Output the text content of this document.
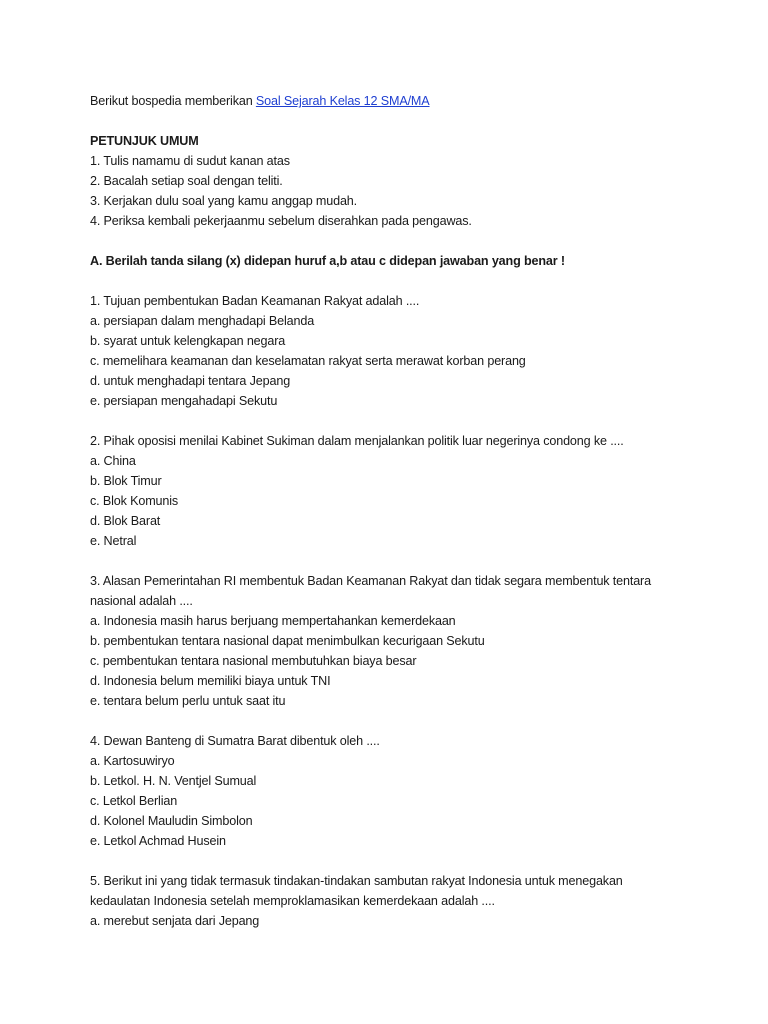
Berikut bospedia memberikan Soal Sejarah Kelas 12 SMA/MA
PETUNJUK UMUM
1. Tulis namamu di sudut kanan atas
2. Bacalah setiap soal dengan teliti.
3. Kerjakan dulu soal yang kamu anggap mudah.
4. Periksa kembali pekerjaanmu sebelum diserahkan pada pengawas.
A. Berilah tanda silang (x) didepan huruf a,b atau c didepan jawaban yang benar !
1. Tujuan pembentukan Badan Keamanan Rakyat adalah ....
a. persiapan dalam menghadapi Belanda
b. syarat untuk kelengkapan negara
c. memelihara keamanan dan keselamatan rakyat serta merawat korban perang
d. untuk menghadapi tentara Jepang
e. persiapan mengahadapi Sekutu
2. Pihak oposisi menilai Kabinet Sukiman dalam menjalankan politik luar negerinya condong ke ....
a. China
b. Blok Timur
c. Blok Komunis
d. Blok Barat
e. Netral
3. Alasan Pemerintahan RI membentuk Badan Keamanan Rakyat dan tidak segara membentuk tentara
nasional adalah ....
a. Indonesia masih harus berjuang mempertahankan kemerdekaan
b. pembentukan tentara nasional dapat menimbulkan kecurigaan Sekutu
c. pembentukan tentara nasional membutuhkan biaya besar
d. Indonesia belum memiliki biaya untuk TNI
e. tentara belum perlu untuk saat itu
4. Dewan Banteng di Sumatra Barat dibentuk oleh ....
a. Kartosuwiryo
b. Letkol. H. N. Ventjel Sumual
c. Letkol Berlian
d. Kolonel Mauludin Simbolon
e. Letkol Achmad Husein
5. Berikut ini yang tidak termasuk tindakan-tindakan sambutan rakyat Indonesia untuk menegakan
kedaulatan Indonesia setelah memproklamasikan kemerdekaan adalah ....
a. merebut senjata dari Jepang
